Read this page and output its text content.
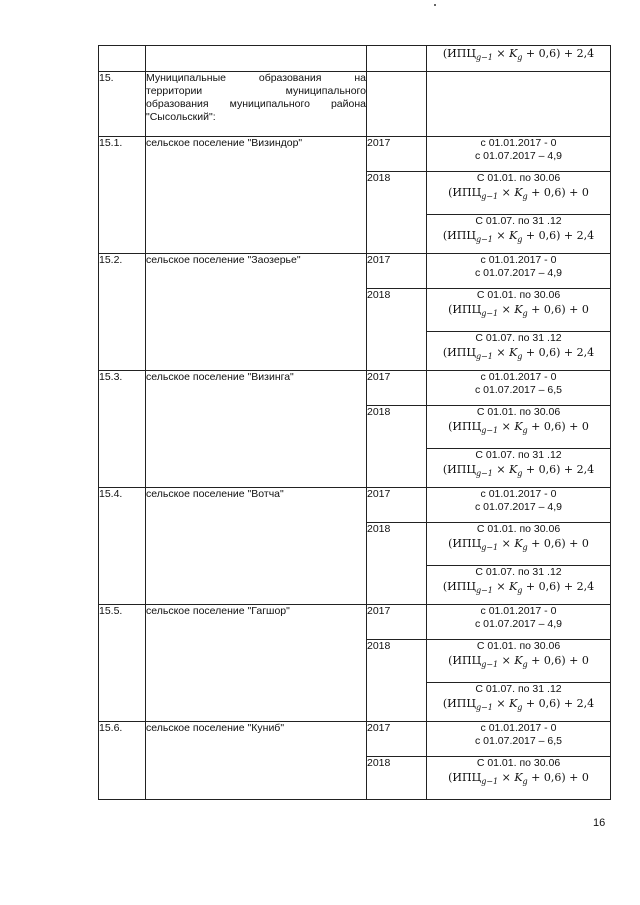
			$(ИПЦ_{g-1} \times K_g + 0,6) + 2,4$

15.	Муниципальные образования на
территории муниципального
образования муниципального района
"Сысольский":		

15.1.	сельское поселение "Визиндор"	2017	с 01.01.2017 - 0
с 01.07.2017 – 4,9

		2018	С 01.01. по 30.06
$(ИПЦ_{g-1} \times K_g + 0,6) + 0$

			С 01.07. по 31 .12
$(ИПЦ_{g-1} \times K_g + 0,6) + 2,4$

15.2.	сельское поселение "Заозерье"	2017	с 01.01.2017 - 0
с 01.07.2017 – 4,9

		2018	С 01.01. по 30.06
$(ИПЦ_{g-1} \times K_g + 0,6) + 0$

			С 01.07. по 31 .12
$(ИПЦ_{g-1} \times K_g + 0,6) + 2,4$

15.3.	сельское поселение "Визинга"	2017	с 01.01.2017 - 0
с 01.07.2017 – 6,5

		2018	С 01.01. по 30.06
$(ИПЦ_{g-1} \times K_g + 0,6) + 0$

			С 01.07. по 31 .12
$(ИПЦ_{g-1} \times K_g + 0,6) + 2,4$

15.4.	сельское поселение "Вотча"	2017	с 01.01.2017 - 0
с 01.07.2017 – 4,9

		2018	С 01.01. по 30.06
$(ИПЦ_{g-1} \times K_g + 0,6) + 0$

			С 01.07. по 31 .12
$(ИПЦ_{g-1} \times K_g + 0,6) + 2,4$

15.5.	сельское поселение "Гагшор"	2017	с 01.01.2017 - 0
с 01.07.2017 – 4,9

		2018	С 01.01. по 30.06
$(ИПЦ_{g-1} \times K_g + 0,6) + 0$

			С 01.07. по 31 .12
$(ИПЦ_{g-1} \times K_g + 0,6) + 2,4$

15.6.	сельское поселение "Куниб"	2017	с 01.01.2017 - 0
с 01.07.2017 – 6,5

		2018	С 01.01. по 30.06
$(ИПЦ_{g-1} \times K_g + 0,6) + 0$
16
